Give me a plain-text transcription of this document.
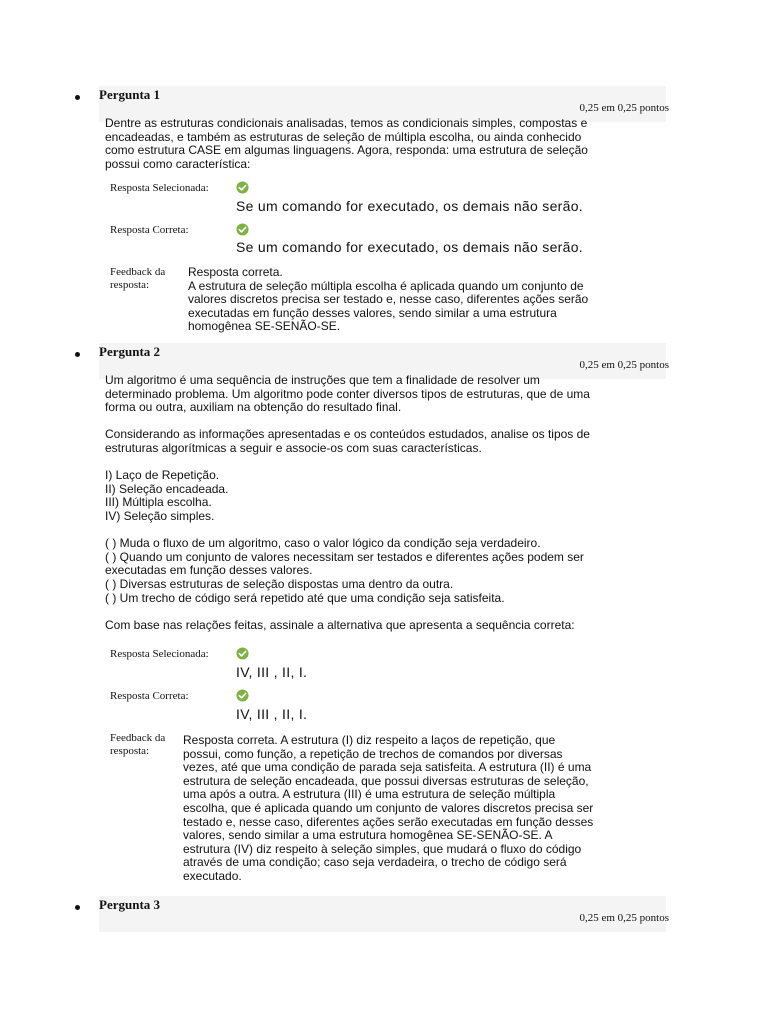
Pergunta 1
0,25 em 0,25 pontos
Dentre as estruturas condicionais analisadas, temos as condicionais simples, compostas e
encadeadas, e também as estruturas de seleção de múltipla escolha, ou ainda conhecido
como estrutura CASE em algumas linguagens. Agora, responda: uma estrutura de seleção
possui como característica:
Resposta Selecionada:
Se um comando for executado, os demais não serão.
Resposta Correta:
Se um comando for executado, os demais não serão.
Feedback da
resposta:
Resposta correta.
A estrutura de seleção múltipla escolha é aplicada quando um conjunto de
valores discretos precisa ser testado e, nesse caso, diferentes ações serão
executadas em função desses valores, sendo similar a uma estrutura
homogênea SE-SENÃO-SE.
Pergunta 2
0,25 em 0,25 pontos
Um algoritmo é uma sequência de instruções que tem a finalidade de resolver um
determinado problema. Um algoritmo pode conter diversos tipos de estruturas, que de uma
forma ou outra, auxiliam na obtenção do resultado final.

Considerando as informações apresentadas e os conteúdos estudados, analise os tipos de
estruturas algorítmicas a seguir e associe-os com suas características.

I) Laço de Repetição.
II) Seleção encadeada.
III) Múltipla escolha.
IV) Seleção simples.

( ) Muda o fluxo de um algoritmo, caso o valor lógico da condição seja verdadeiro.
( ) Quando um conjunto de valores necessitam ser testados e diferentes ações podem ser
executadas em função desses valores.
( ) Diversas estruturas de seleção dispostas uma dentro da outra.
( ) Um trecho de código será repetido até que uma condição seja satisfeita.

Com base nas relações feitas, assinale a alternativa que apresenta a sequência correta:
Resposta Selecionada:
IV, III , II, I.
Resposta Correta:
IV, III , II, I.
Feedback da
resposta:
Resposta correta. A estrutura (I) diz respeito a laços de repetição, que
possui, como função, a repetição de trechos de comandos por diversas
vezes, até que uma condição de parada seja satisfeita. A estrutura (II) é uma
estrutura de seleção encadeada, que possui diversas estruturas de seleção,
uma após a outra. A estrutura (III) é uma estrutura de seleção múltipla
escolha, que é aplicada quando um conjunto de valores discretos precisa ser
testado e, nesse caso, diferentes ações serão executadas em função desses
valores, sendo similar a uma estrutura homogênea SE-SENÃO-SE. A
estrutura (IV) diz respeito à seleção simples, que mudará o fluxo do código
através de uma condição; caso seja verdadeira, o trecho de código será
executado.
Pergunta 3
0,25 em 0,25 pontos
